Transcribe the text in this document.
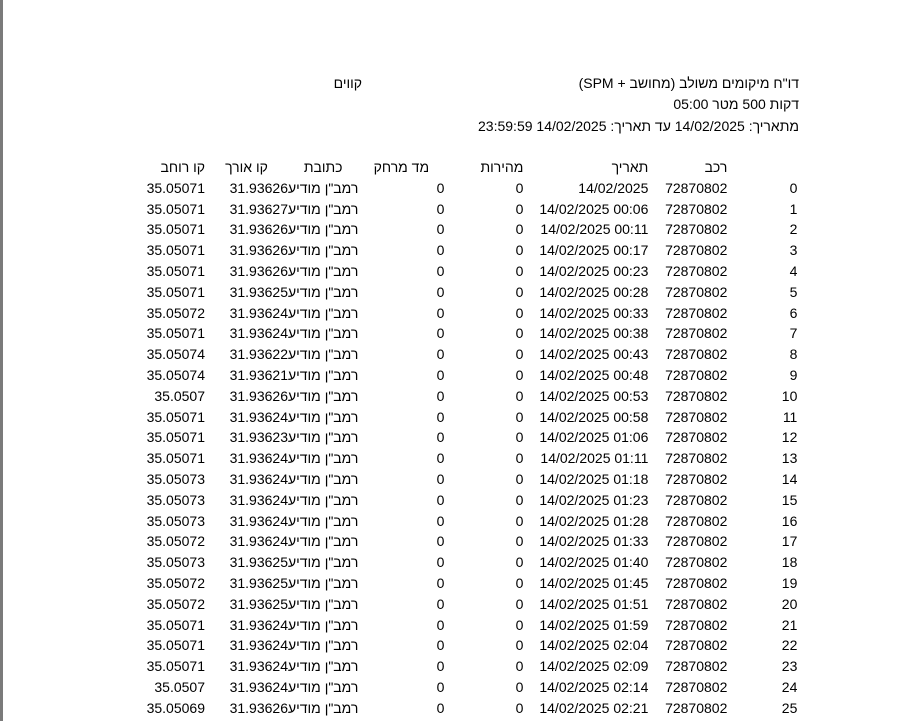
דו"ח מיקומים משולב (מחושב + SPM)
קווים
דקות 500 מטר 05:00
מתאריך: 14/02/2025 עד תאריך: 14/02/2025 23:59:59
קו רוחב	קו אורך	כתובת	מד מרחק	מהירות	תאריך	רכב	
35.05071	31.93626	רמב"ן מודיע	0	0	14/02/2025	72870802	0
35.05071	31.93627	רמב"ן מודיע	0	0	14/02/2025 00:06	72870802	1
35.05071	31.93626	רמב"ן מודיע	0	0	14/02/2025 00:11	72870802	2
35.05071	31.93626	רמב"ן מודיע	0	0	14/02/2025 00:17	72870802	3
35.05071	31.93626	רמב"ן מודיע	0	0	14/02/2025 00:23	72870802	4
35.05071	31.93625	רמב"ן מודיע	0	0	14/02/2025 00:28	72870802	5
35.05072	31.93624	רמב"ן מודיע	0	0	14/02/2025 00:33	72870802	6
35.05071	31.93624	רמב"ן מודיע	0	0	14/02/2025 00:38	72870802	7
35.05074	31.93622	רמב"ן מודיע	0	0	14/02/2025 00:43	72870802	8
35.05074	31.93621	רמב"ן מודיע	0	0	14/02/2025 00:48	72870802	9
35.0507	31.93626	רמב"ן מודיע	0	0	14/02/2025 00:53	72870802	10
35.05071	31.93624	רמב"ן מודיע	0	0	14/02/2025 00:58	72870802	11
35.05071	31.93623	רמב"ן מודיע	0	0	14/02/2025 01:06	72870802	12
35.05071	31.93624	רמב"ן מודיע	0	0	14/02/2025 01:11	72870802	13
35.05073	31.93624	רמב"ן מודיע	0	0	14/02/2025 01:18	72870802	14
35.05073	31.93624	רמב"ן מודיע	0	0	14/02/2025 01:23	72870802	15
35.05073	31.93624	רמב"ן מודיע	0	0	14/02/2025 01:28	72870802	16
35.05072	31.93624	רמב"ן מודיע	0	0	14/02/2025 01:33	72870802	17
35.05073	31.93625	רמב"ן מודיע	0	0	14/02/2025 01:40	72870802	18
35.05072	31.93625	רמב"ן מודיע	0	0	14/02/2025 01:45	72870802	19
35.05072	31.93625	רמב"ן מודיע	0	0	14/02/2025 01:51	72870802	20
35.05071	31.93624	רמב"ן מודיע	0	0	14/02/2025 01:59	72870802	21
35.05071	31.93624	רמב"ן מודיע	0	0	14/02/2025 02:04	72870802	22
35.05071	31.93624	רמב"ן מודיע	0	0	14/02/2025 02:09	72870802	23
35.0507	31.93624	רמב"ן מודיע	0	0	14/02/2025 02:14	72870802	24
35.05069	31.93626	רמב"ן מודיע	0	0	14/02/2025 02:21	72870802	25
